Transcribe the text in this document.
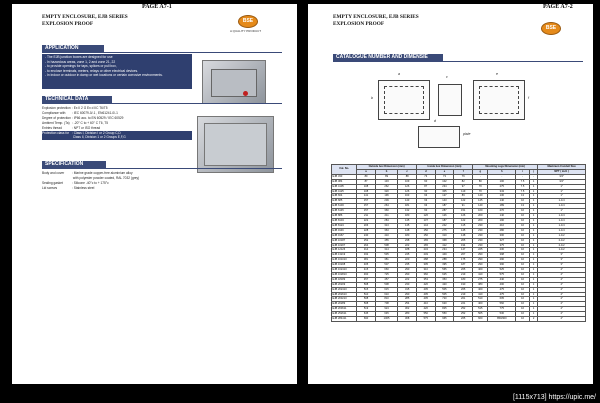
PAGE A7-1
EMPTY ENCLOSURE, EJB SERIES
EXPLOSION PROOF	BSE
A QUALITY PRODUCT
APPLICATION
- The EJB junction boxes are designed for use
- In hazardous areas, zone 1, 2 and zone 21, 22
- to provide openings for taps, splices or pull box,
- to enclose terminals, meters, relays or other electrical devices.
- In indoor or outdoor in damp or wet locations or certain corrosive environments.
TECHNICAL DATA
Explosion protection: Ex II 2 G Ex d IIC T6/T5
Compliance with : IEC 60079-0/-1 , EN61241-0/-1
Degree of protection: IP66 acc. to EN 60529 / IEC 60529
Ambient Temp. (Ta) : -20° C to + 60° C T6, T5
Entries thread	: NPT or ISO thread
Protection class for : Class I, Division I or 2 Group C,D
Class II, Division 1 or 2 Groups E,F,G
SPECIFICATION
Body and cover : Marine grade copper-free aluminium alloy
with polyester powder coated, RAL 7032 (grey)
Sealing gasket	: Silicone -40°c to + 175°c
Lid screws	: Stainless steel
PAGE A7-2
EMPTY ENCLOSURE, EJB SERIES
EXPLOSION PROOF
BSE
CATALOGUE NUMBER AND DIMENSIE
piste
a
b
c
e
f
d
Cat. No.	Outside box Dimension (mm)			Inside box Dimension (mm)			Mounting Lugs Dimension (mm)				Maximum Conduit Size
	a	b	c	d	e	f	g	h	i	j	NPT ( inch )
EJB 333	89	89	88	73	73	76	-	-	-	-	3/4"
EJB 384	87	133	109	60	102	82	80	100	7.5	1	3/4"
EJB 4105	108	262	126	87	234	97	70	275	7.5	1	1"
EJB 4125	108	320	126	90	305	119	70	343	7.5	1	1"
EJB 664	141	196	163	93	127	89	140	130	13	1	1"
EJB 685	157	209	143	93	143	122	145	140	16	1	1-1/4
EJB 6103	157	264	181	93	187	91	140	189	13	1	1-1/4
EJB 6145	157	360	132	60	287	151	160	270	16	1	1"
EJB 886	211	211	180	126	126	126	200	140	16	1	1-1/4
EJB 8104	222	284	145	137	187	122	200	190	16	1	1-1/4
EJB 8124	206	313	145	144	242	115	230	210	16	1	1-1/4
EJB 9146	228	363	148	150	275	145	230	280	16	1	1-1/4
EJB 9167	240	410	180	150	310	148	230	300	16	1	1-1/2
EJB 10187	252	455	238	165	368	205	230	327	16	1	2-1/2
EJB 10207	264	508	222	165	412	194	230	375	16	1	2-1/2
EJB 12126	314	314	188	234	234	147	225	230	16	1	1-1/2
EJB 13219	332	535	245	249	449	207	290	398	16	1	3"
EJB 161010	381	381	220	288	288	175	290	290	16	1	3"
EJB 16208	405	507	235	305	395	187	290	390	16	1	3"
EJB 162410	415	660	290	310	565	265	400	525	16	1	4"
EJB 162810	460	725	290	360	625	219	410	575	16	1	4"
EJB 18189	457	457	222	353	353	180	275	440	16	1	4"
EJB 20209	508	508	230	420	420	190	380	400	16	1	4"
EJB 202410	515	615	315	405	505	265	400	475	16	1	4"
EJB 202610	510	610	290	405	505	219	410	475	16	1	4"
EJB 203210	508	810	285	405	720	201	510	605	16	1	4"
EJB 20289	508	708	254	410	620	221	400	560	16	1	4"
EJB 203611	519	924	302	420	825	252	515	775	16	1	4"
EJB 252611	645	645	280	550	550	252	505	530	16	1	4"
EJB 284411	690	1065	308	575	965	265	660	850/900	16	2	4"
[1115x713] https://upic.me/
